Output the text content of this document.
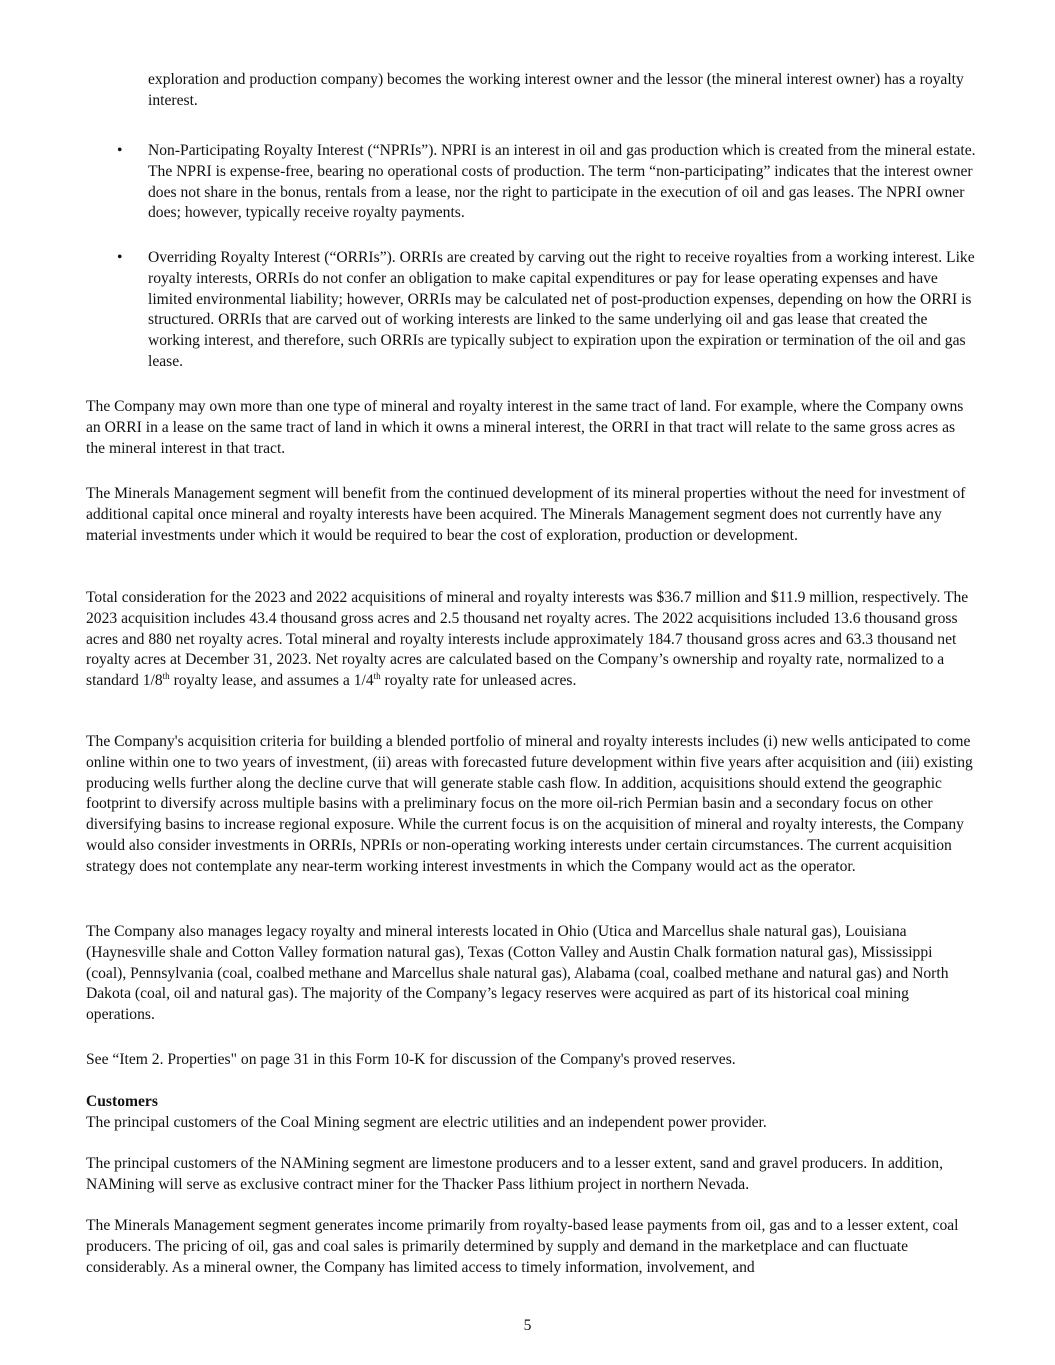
exploration and production company) becomes the working interest owner and the lessor (the mineral interest owner) has a royalty interest.

•	Non-Participating Royalty Interest (“NPRIs”). NPRI is an interest in oil and gas production which is created from the mineral estate. The NPRI is expense-free, bearing no operational costs of production. The term “non-participating” indicates that the interest owner does not share in the bonus, rentals from a lease, nor the right to participate in the execution of oil and gas leases. The NPRI owner does; however, typically receive royalty payments.

•	Overriding Royalty Interest (“ORRIs”). ORRIs are created by carving out the right to receive royalties from a working interest. Like royalty interests, ORRIs do not confer an obligation to make capital expenditures or pay for lease operating expenses and have limited environmental liability; however, ORRIs may be calculated net of post-production expenses, depending on how the ORRI is structured. ORRIs that are carved out of working interests are linked to the same underlying oil and gas lease that created the working interest, and therefore, such ORRIs are typically subject to expiration upon the expiration or termination of the oil and gas lease.

The Company may own more than one type of mineral and royalty interest in the same tract of land. For example, where the Company owns an ORRI in a lease on the same tract of land in which it owns a mineral interest, the ORRI in that tract will relate to the same gross acres as the mineral interest in that tract.

The Minerals Management segment will benefit from the continued development of its mineral properties without the need for investment of additional capital once mineral and royalty interests have been acquired. The Minerals Management segment does not currently have any material investments under which it would be required to bear the cost of exploration, production or development.

Total consideration for the 2023 and 2022 acquisitions of mineral and royalty interests was $36.7 million and $11.9 million, respectively. The 2023 acquisition includes 43.4 thousand gross acres and 2.5 thousand net royalty acres. The 2022 acquisitions included 13.6 thousand gross acres and 880 net royalty acres. Total mineral and royalty interests include approximately 184.7 thousand gross acres and 63.3 thousand net royalty acres at December 31, 2023. Net royalty acres are calculated based on the Company’s ownership and royalty rate, normalized to a standard 1/8th royalty lease, and assumes a 1/4th royalty rate for unleased acres.

The Company's acquisition criteria for building a blended portfolio of mineral and royalty interests includes (i) new wells anticipated to come online within one to two years of investment, (ii) areas with forecasted future development within five years after acquisition and (iii) existing producing wells further along the decline curve that will generate stable cash flow. In addition, acquisitions should extend the geographic footprint to diversify across multiple basins with a preliminary focus on the more oil-rich Permian basin and a secondary focus on other diversifying basins to increase regional exposure. While the current focus is on the acquisition of mineral and royalty interests, the Company would also consider investments in ORRIs, NPRIs or non-operating working interests under certain circumstances. The current acquisition strategy does not contemplate any near-term working interest investments in which the Company would act as the operator.

The Company also manages legacy royalty and mineral interests located in Ohio (Utica and Marcellus shale natural gas), Louisiana (Haynesville shale and Cotton Valley formation natural gas), Texas (Cotton Valley and Austin Chalk formation natural gas), Mississippi (coal), Pennsylvania (coal, coalbed methane and Marcellus shale natural gas), Alabama (coal, coalbed methane and natural gas) and North Dakota (coal, oil and natural gas). The majority of the Company’s legacy reserves were acquired as part of its historical coal mining operations.

See “Item 2. Properties" on page 31 in this Form 10-K for discussion of the Company's proved reserves.

Customers
The principal customers of the Coal Mining segment are electric utilities and an independent power provider.

The principal customers of the NAMining segment are limestone producers and to a lesser extent, sand and gravel producers. In addition, NAMining will serve as exclusive contract miner for the Thacker Pass lithium project in northern Nevada.

The Minerals Management segment generates income primarily from royalty-based lease payments from oil, gas and to a lesser extent, coal producers. The pricing of oil, gas and coal sales is primarily determined by supply and demand in the marketplace and can fluctuate considerably. As a mineral owner, the Company has limited access to timely information, involvement, and

5
